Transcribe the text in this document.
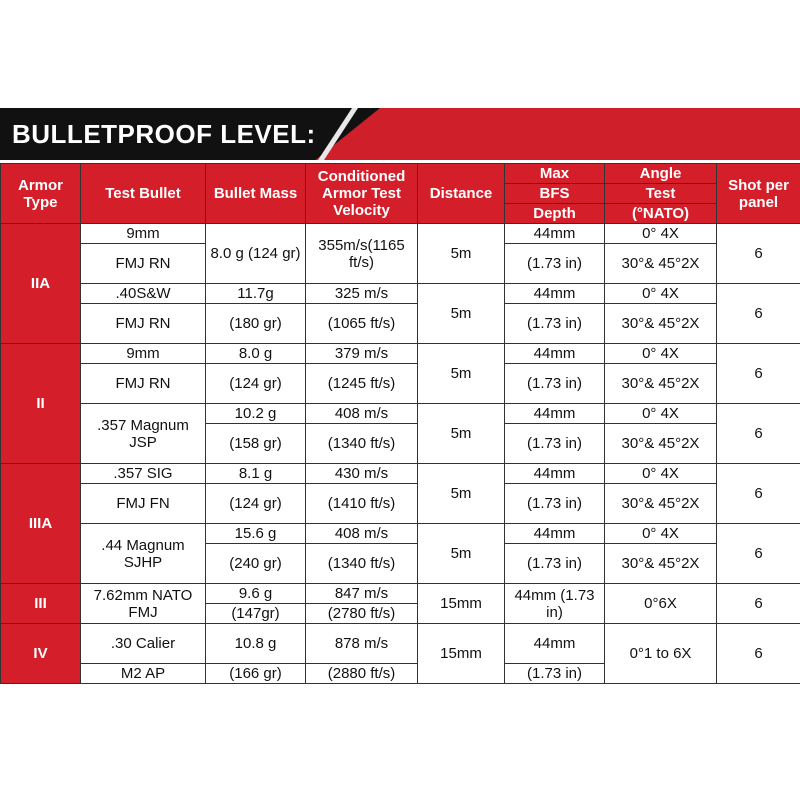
BULLETPROOF LEVEL:
Armor Type	Test Bullet	Bullet Mass	Conditioned Armor Test Velocity	Distance	Max	Angle	Shot per panel
					BFS	Test	
					Depth	(°NATO)	
IIA	9mm	8.0 g (124 gr)	355m/s(1165 ft/s)	5m	44mm	0° 4X	6
	FMJ RN				(1.73 in)	30°& 45°2X	
	.40S&W	11.7g	325 m/s	5m	44mm	0° 4X	6
	FMJ RN	(180 gr)	(1065 ft/s)		(1.73 in)	30°& 45°2X	
II	9mm	8.0 g	379 m/s	5m	44mm	0° 4X	6
	FMJ RN	(124 gr)	(1245 ft/s)		(1.73 in)	30°& 45°2X	
	.357 Magnum JSP	10.2 g	408 m/s	5m	44mm	0° 4X	6
		(158 gr)	(1340 ft/s)		(1.73 in)	30°& 45°2X	
IIIA	.357 SIG	8.1 g	430 m/s	5m	44mm	0° 4X	6
	FMJ FN	(124 gr)	(1410 ft/s)		(1.73 in)	30°& 45°2X	
	.44 Magnum SJHP	15.6 g	408 m/s	5m	44mm	0° 4X	6
		(240 gr)	(1340 ft/s)		(1.73 in)	30°& 45°2X	
III	7.62mm NATO FMJ	9.6 g	847 m/s	15mm	44mm (1.73 in)	0°6X	6
		(147gr)	(2780 ft/s)				
IV	.30 Calier	10.8 g	878 m/s	15mm	44mm	0°1 to 6X	6
	M2 AP	(166 gr)	(2880 ft/s)		(1.73 in)		
